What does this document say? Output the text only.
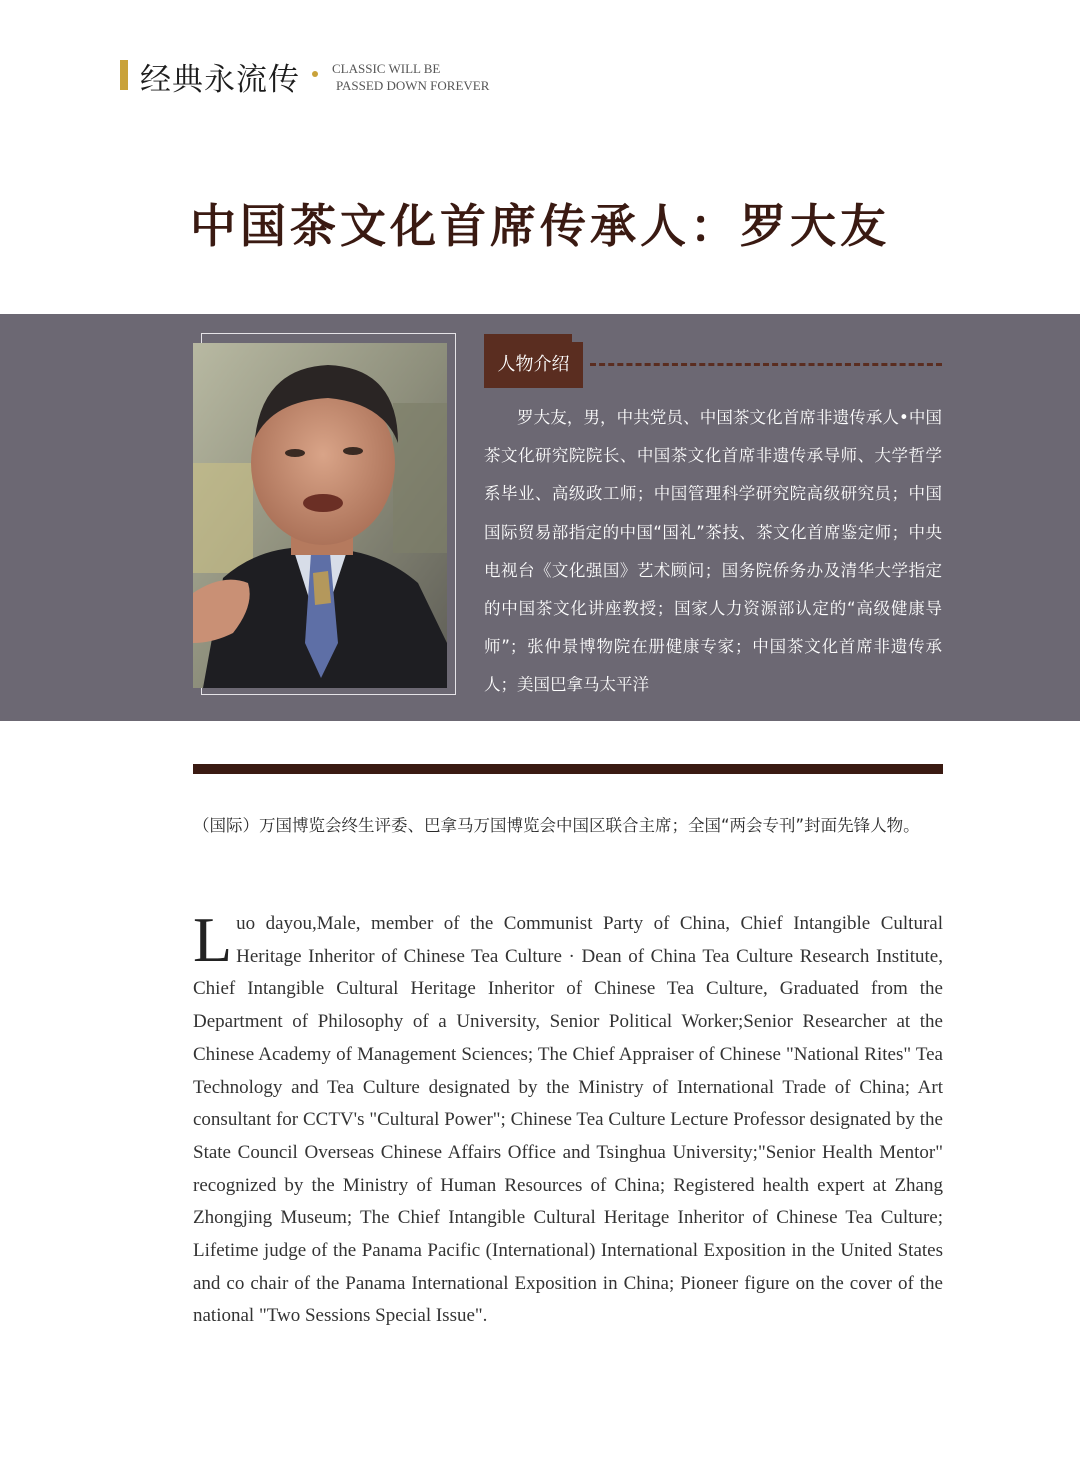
经典永流传 CLASSIC WILL BE
PASSED DOWN FOREVER
中国茶文化首席传承人：罗大友
人物介绍

罗大友，男，中共党员、中国茶文化首席非遗传承人•中国茶文化研究院院长、中国茶文化首席非遗传承导师、大学哲学系毕业、高级政工师；中国管理科学研究院高级研究员；中国国际贸易部指定的中国“国礼”茶技、茶文化首席鉴定师；中央电视台《文化强国》艺术顾问；国务院侨务办及清华大学指定的中国茶文化讲座教授；国家人力资源部认定的“高级健康导师”；张仲景博物院在册健康专家；中国茶文化首席非遗传承人；美国巴拿马太平洋

（国际）万国博览会终生评委、巴拿马万国博览会中国区联合主席；全国“两会专刊”封面先锋人物。

Luo dayou,Male, member of the Communist Party of China, Chief Intangible Cultural Heritage Inheritor of Chinese Tea Culture · Dean of China Tea Culture Research Institute, Chief Intangible Cultural Heritage Inheritor of Chinese Tea Culture, Graduated from the Department of Philosophy of a University, Senior Political Worker;Senior Researcher at the Chinese Academy of Management Sciences; The Chief Appraiser of Chinese "National Rites" Tea Technology and Tea Culture designated by the Ministry of International Trade of China; Art consultant for CCTV's "Cultural Power"; Chinese Tea Culture Lecture Professor designated by the State Council Overseas Chinese Affairs Office and Tsinghua University;"Senior Health Mentor" recognized by the Ministry of Human Resources of China; Registered health expert at Zhang Zhongjing Museum; The Chief Intangible Cultural Heritage Inheritor of Chinese Tea Culture; Lifetime judge of the Panama Pacific (International) International Exposition in the United States and co chair of the Panama International Exposition in China; Pioneer figure on the cover of the national "Two Sessions Special Issue".
